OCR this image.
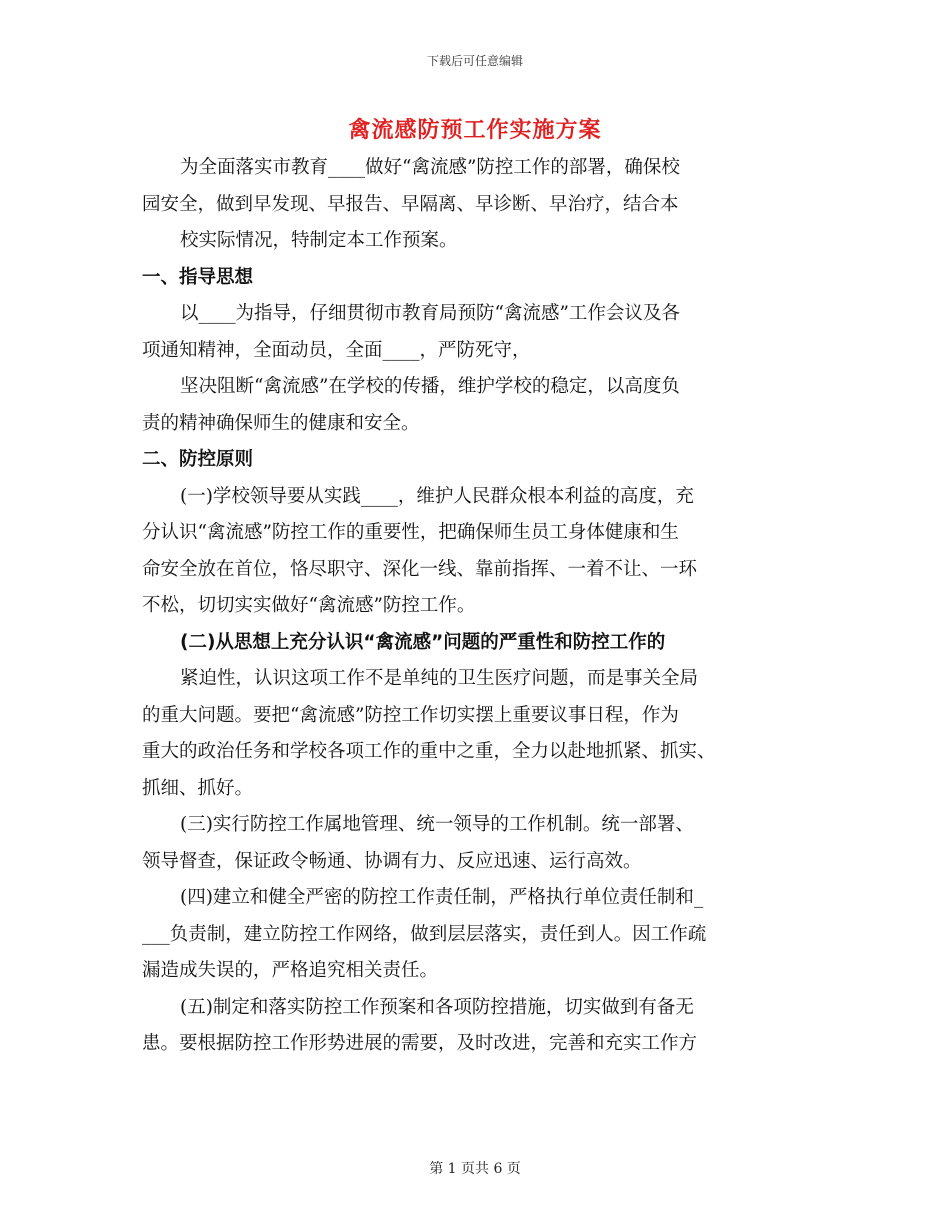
下载后可任意编辑
禽流感防预工作实施方案
为全面落实市教育____做好“禽流感”防控工作的部署，确保校
园安全，做到早发现、早报告、早隔离、早诊断、早治疗，结合本
校实际情况，特制定本工作预案。
一、指导思想
以____为指导，仔细贯彻市教育局预防“禽流感”工作会议及各
项通知精神，全面动员，全面____，严防死守，
坚决阻断“禽流感”在学校的传播，维护学校的稳定，以高度负
责的精神确保师生的健康和安全。
二、防控原则
(一)学校领导要从实践____，维护人民群众根本利益的高度，充
分认识“禽流感”防控工作的重要性，把确保师生员工身体健康和生
命安全放在首位，恪尽职守、深化一线、靠前指挥、一着不让、一环
不松，切切实实做好“禽流感”防控工作。
(二)从思想上充分认识“禽流感”问题的严重性和防控工作的
紧迫性，认识这项工作不是单纯的卫生医疗问题，而是事关全局
的重大问题。要把“禽流感”防控工作切实摆上重要议事日程，作为
重大的政治任务和学校各项工作的重中之重，全力以赴地抓紧、抓实、
抓细、抓好。
(三)实行防控工作属地管理、统一领导的工作机制。统一部署、
领导督查，保证政令畅通、协调有力、反应迅速、运行高效。
(四)建立和健全严密的防控工作责任制，严格执行单位责任制和_
___负责制，建立防控工作网络，做到层层落实，责任到人。因工作疏
漏造成失误的，严格追究相关责任。
(五)制定和落实防控工作预案和各项防控措施，切实做到有备无
患。要根据防控工作形势进展的需要，及时改进，完善和充实工作方
第 1 页共 6 页
